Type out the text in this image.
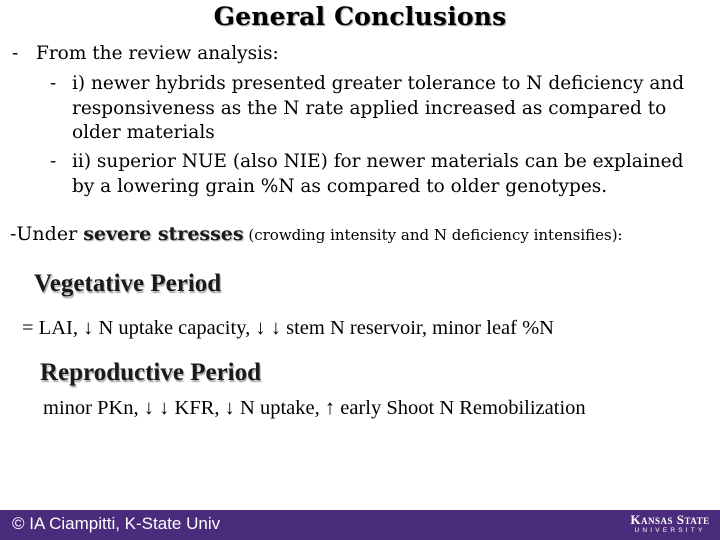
General Conclusions
- From the review analysis:
- i) newer hybrids presented greater tolerance to N deficiency and responsiveness as the N rate applied increased as compared to older materials
- ii) superior NUE (also NIE) for newer materials can be explained by a lowering grain %N as compared to older genotypes.
-Under severe stresses (crowding intensity and N deficiency intensifies):
Vegetative Period
= LAI, ↓ N uptake capacity, ↓ ↓ stem N reservoir, minor leaf %N
Reproductive Period
minor PKn, ↓ ↓ KFR, ↓ N uptake, ↑ early Shoot N Remobilization
© IA Ciampitti, K-State Univ	Kansas State
UNIVERSITY
